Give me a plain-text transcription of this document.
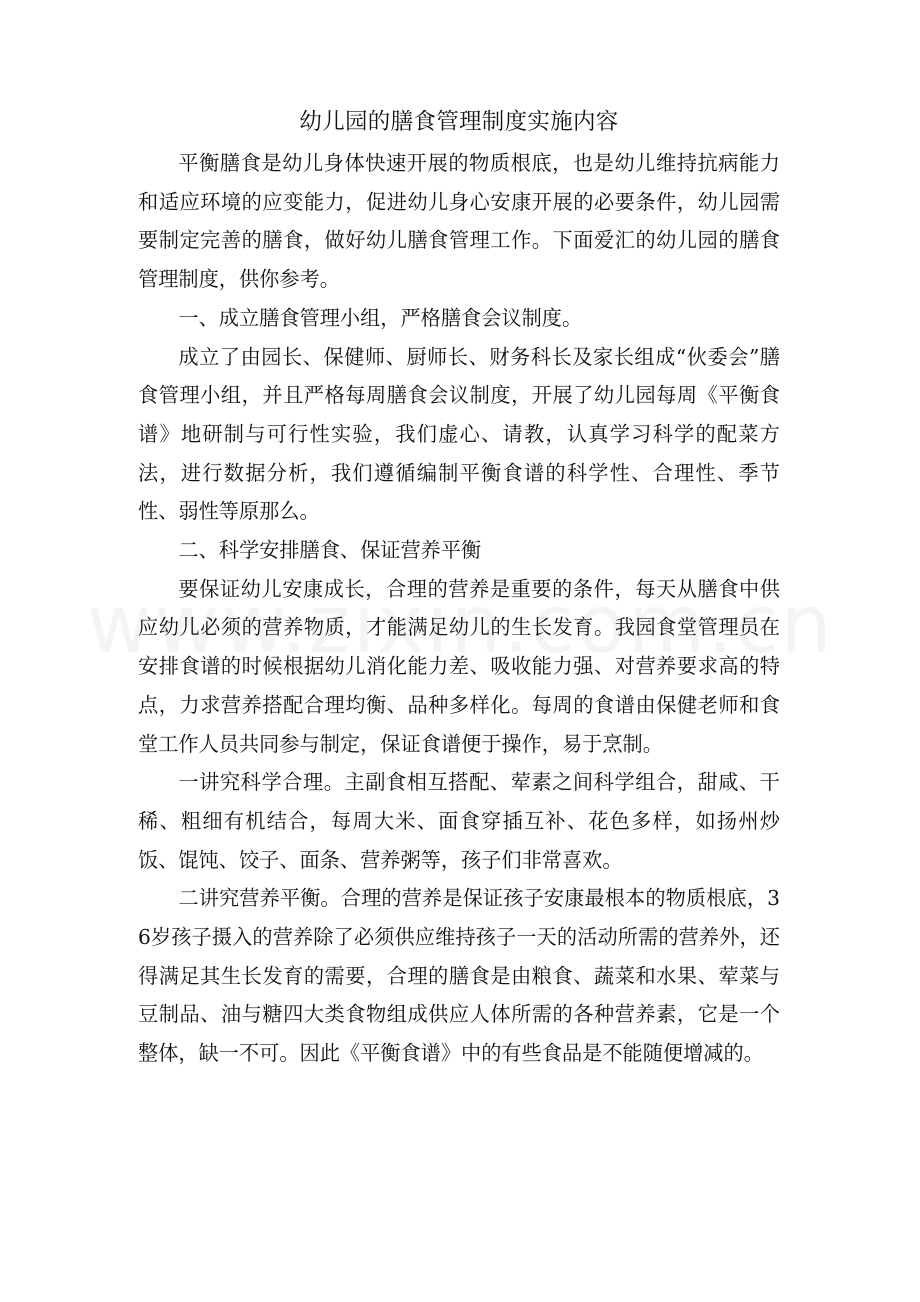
幼儿园的膳食管理制度实施内容

平衡膳食是幼儿身体快速开展的物质根底，也是幼儿维持抗病能力和适应环境的应变能力，促进幼儿身心安康开展的必要条件，幼儿园需要制定完善的膳食，做好幼儿膳食管理工作。下面爱汇的幼儿园的膳食管理制度，供你参考。

一、成立膳食管理小组，严格膳食会议制度。

成立了由园长、保健师、厨师长、财务科长及家长组成“伙委会”膳食管理小组，并且严格每周膳食会议制度，开展了幼儿园每周《平衡食谱》地研制与可行性实验，我们虚心、请教，认真学习科学的配菜方法，进行数据分析，我们遵循编制平衡食谱的科学性、合理性、季节性、弱性等原那么。

二、科学安排膳食、保证营养平衡

要保证幼儿安康成长，合理的营养是重要的条件，每天从膳食中供应幼儿必须的营养物质，才能满足幼儿的生长发育。我园食堂管理员在安排食谱的时候根据幼儿消化能力差、吸收能力强、对营养要求高的特点，力求营养搭配合理均衡、品种多样化。每周的食谱由保健老师和食堂工作人员共同参与制定，保证食谱便于操作，易于烹制。

一讲究科学合理。主副食相互搭配、荤素之间科学组合，甜咸、干稀、粗细有机结合，每周大米、面食穿插互补、花色多样，如扬州炒饭、馄饨、饺子、面条、营养粥等，孩子们非常喜欢。

二讲究营养平衡。合理的营养是保证孩子安康最根本的物质根底，3 6岁孩子摄入的营养除了必须供应维持孩子一天的活动所需的营养外，还得满足其生长发育的需要，合理的膳食是由粮食、蔬菜和水果、荤菜与豆制品、油与糖四大类食物组成供应人体所需的各种营养素，它是一个整体，缺一不可。因此《平衡食谱》中的有些食品是不能随便增减的。
